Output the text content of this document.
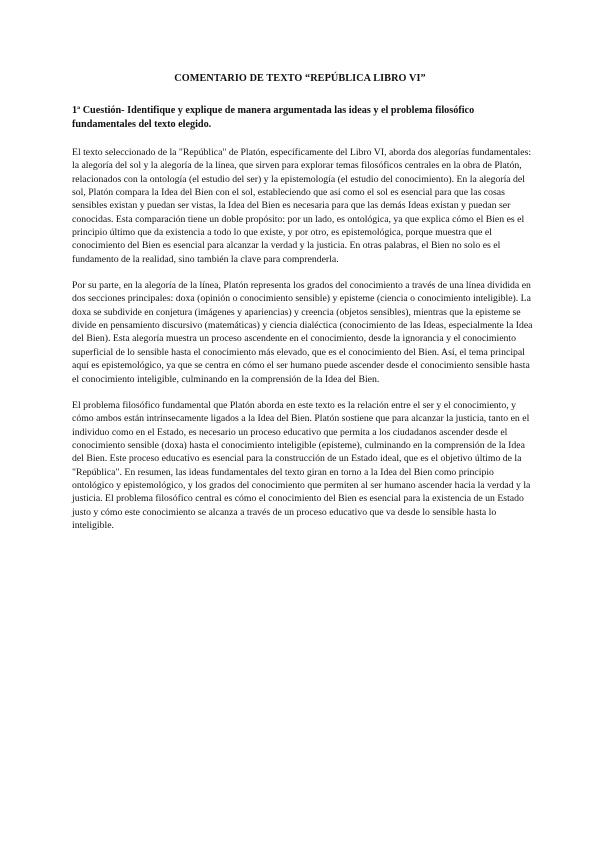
COMENTARIO DE TEXTO “REPÚBLICA LIBRO VI”

1ª Cuestión- Identifique y explique de manera argumentada las ideas y el problema filosófico fundamentales del texto elegido.

El texto seleccionado de la "República" de Platón, específicamente del Libro VI, aborda dos alegorías fundamentales: la alegoría del sol y la alegoría de la línea, que sirven para explorar temas filosóficos centrales en la obra de Platón, relacionados con la ontología (el estudio del ser) y la epistemología (el estudio del conocimiento). En la alegoría del sol, Platón compara la Idea del Bien con el sol, estableciendo que así como el sol es esencial para que las cosas sensibles existan y puedan ser vistas, la Idea del Bien es necesaria para que las demás Ideas existan y puedan ser conocidas. Esta comparación tiene un doble propósito: por un lado, es ontológica, ya que explica cómo el Bien es el principio último que da existencia a todo lo que existe, y por otro, es epistemológica, porque muestra que el conocimiento del Bien es esencial para alcanzar la verdad y la justicia. En otras palabras, el Bien no solo es el fundamento de la realidad, sino también la clave para comprenderla.

Por su parte, en la alegoría de la línea, Platón representa los grados del conocimiento a través de una línea dividida en dos secciones principales: doxa (opinión o conocimiento sensible) y episteme (ciencia o conocimiento inteligible). La doxa se subdivide en conjetura (imágenes y apariencias) y creencia (objetos sensibles), mientras que la episteme se divide en pensamiento discursivo (matemáticas) y ciencia dialéctica (conocimiento de las Ideas, especialmente la Idea del Bien). Esta alegoría muestra un proceso ascendente en el conocimiento, desde la ignorancia y el conocimiento superficial de lo sensible hasta el conocimiento más elevado, que es el conocimiento del Bien. Así, el tema principal aquí es epistemológico, ya que se centra en cómo el ser humano puede ascender desde el conocimiento sensible hasta el conocimiento inteligible, culminando en la comprensión de la Idea del Bien.

El problema filosófico fundamental que Platón aborda en este texto es la relación entre el ser y el conocimiento, y cómo ambos están intrínsecamente ligados a la Idea del Bien. Platón sostiene que para alcanzar la justicia, tanto en el individuo como en el Estado, es necesario un proceso educativo que permita a los ciudadanos ascender desde el conocimiento sensible (doxa) hasta el conocimiento inteligible (episteme), culminando en la comprensión de la Idea del Bien. Este proceso educativo es esencial para la construcción de un Estado ideal, que es el objetivo último de la "República". En resumen, las ideas fundamentales del texto giran en torno a la Idea del Bien como principio ontológico y epistemológico, y los grados del conocimiento que permiten al ser humano ascender hacia la verdad y la justicia. El problema filosófico central es cómo el conocimiento del Bien es esencial para la existencia de un Estado justo y cómo este conocimiento se alcanza a través de un proceso educativo que va desde lo sensible hasta lo inteligible.
